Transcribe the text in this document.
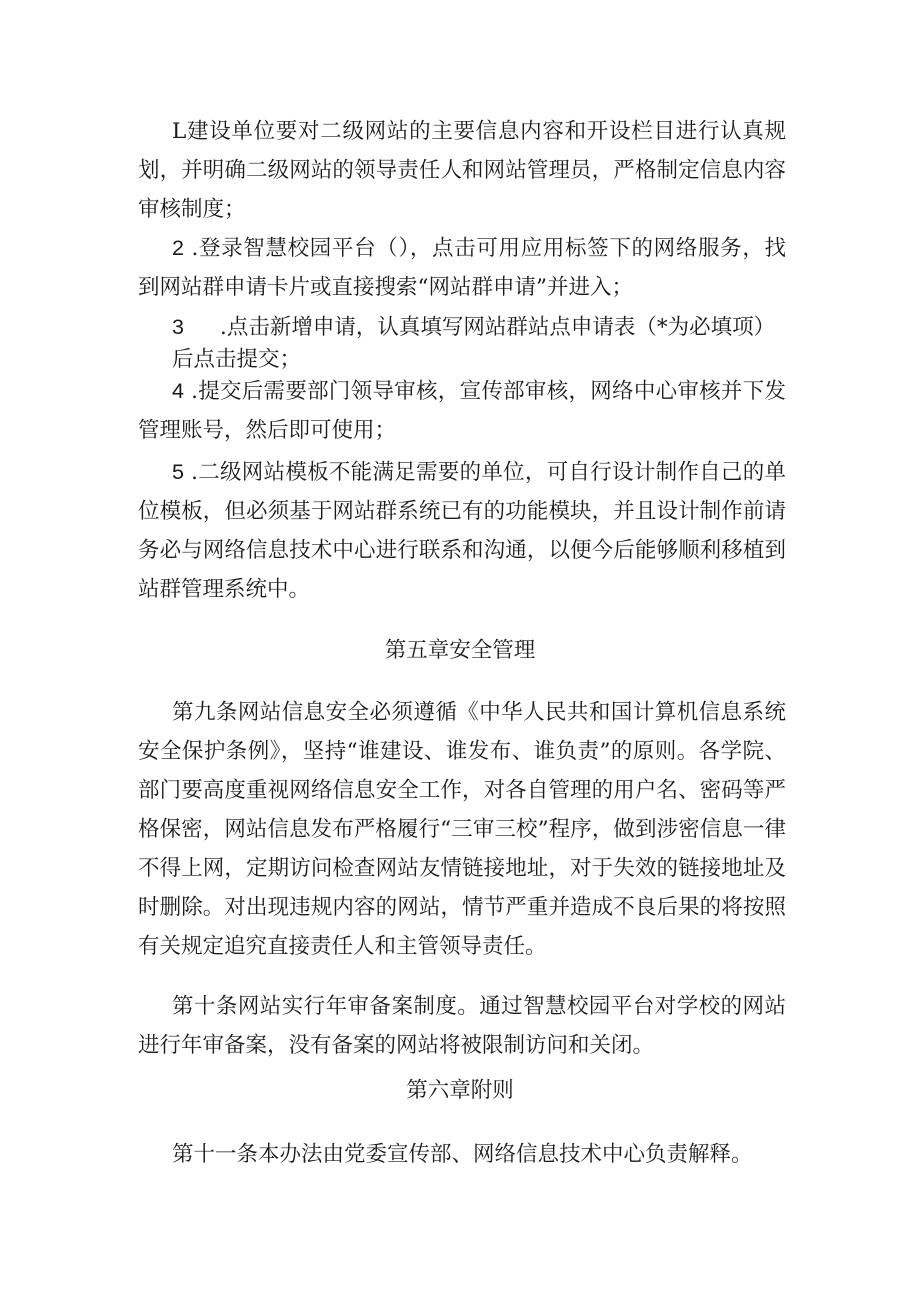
L建设单位要对二级网站的主要信息内容和开设栏目进行认真规划，并明确二级网站的领导责任人和网站管理员，严格制定信息内容审核制度；

2 .登录智慧校园平台（），点击可用应用标签下的网络服务，找到网站群申请卡片或直接搜索“网站群申请”并进入；

3 .点击新增申请，认真填写网站群站点申请表（*为必填项）
后点击提交；

4 .提交后需要部门领导审核，宣传部审核，网络中心审核并下发管理账号，然后即可使用；

5 .二级网站模板不能满足需要的单位，可自行设计制作自己的单位模板，但必须基于网站群系统已有的功能模块，并且设计制作前请务必与网络信息技术中心进行联系和沟通，以便今后能够顺利移植到站群管理系统中。

第五章安全管理

第九条网站信息安全必须遵循《中华人民共和国计算机信息系统安全保护条例》，坚持“谁建设、谁发布、谁负责”的原则。各学院、部门要高度重视网络信息安全工作，对各自管理的用户名、密码等严格保密，网站信息发布严格履行“三审三校”程序，做到涉密信息一律不得上网，定期访问检查网站友情链接地址，对于失效的链接地址及时删除。对出现违规内容的网站，情节严重并造成不良后果的将按照有关规定追究直接责任人和主管领导责任。

第十条网站实行年审备案制度。通过智慧校园平台对学校的网站进行年审备案，没有备案的网站将被限制访问和关闭。

第六章附则

第十一条本办法由党委宣传部、网络信息技术中心负责解释。
